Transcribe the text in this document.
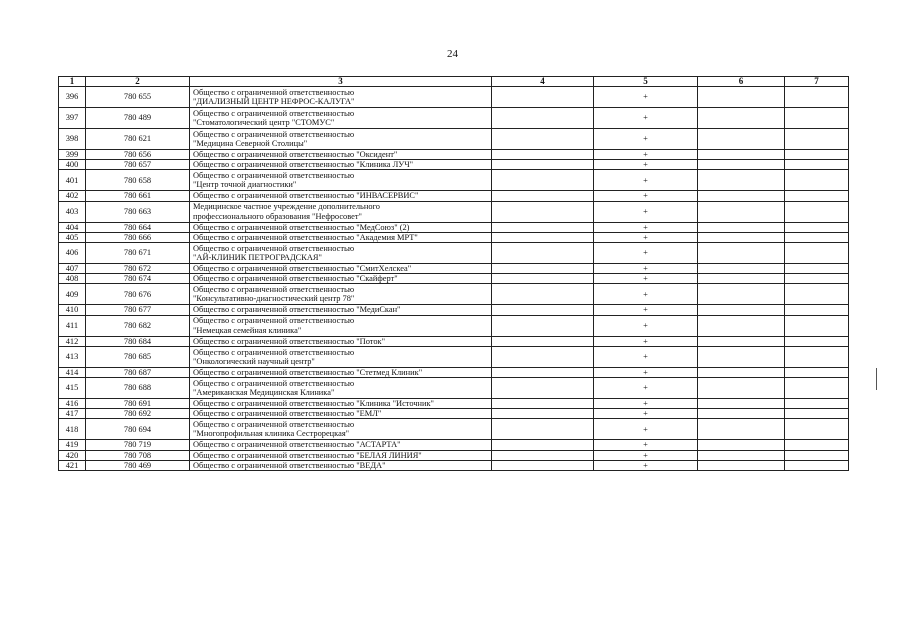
24
1	2	3	4	5	6	7
396	780 655	Общество с ограниченной ответственностью
"ДИАЛИЗНЫЙ ЦЕНТР НЕФРОС-КАЛУГА"		+		
397	780 489	Общество с ограниченной ответственностью
"Стоматологический центр "СТОМУС"		+		
398	780 621	Общество с ограниченной ответственностью
"Медицина Северной Столицы"		+		
399	780 656	Общество с ограниченной ответственностью "Оксидент"		+		
400	780 657	Общество с ограниченной ответственностью "Клиника ЛУЧ"		+		
401	780 658	Общество с ограниченной ответственностью
"Центр точной диагностики"		+		
402	780 661	Общество с ограниченной ответственностью "ИНВАСЕРВИС"		+		
403	780 663	Медицинское частное учреждение дополнительного
профессионального образования "Нефросовет"		+		
404	780 664	Общество с ограниченной ответственностью "МедСоюз" (2)		+		
405	780 666	Общество с ограниченной ответственностью "Академия МРТ"		+		
406	780 671	Общество с ограниченной ответственностью
"АЙ-КЛИНИК ПЕТРОГРАДСКАЯ"		+		
407	780 672	Общество с ограниченной ответственностью "СмитХелскеа"		+		
408	780 674	Общество с ограниченной ответственностью "Скайферт"		+		
409	780 676	Общество с ограниченной ответственностью
"Консультативно-диагностический центр 78"		+		
410	780 677	Общество с ограниченной ответственностью "МедиСкан"		+		
411	780 682	Общество с ограниченной ответственностью
"Немецкая семейная клиника"		+		
412	780 684	Общество с ограниченной ответственностью "Поток"		+		
413	780 685	Общество с ограниченной ответственностью
"Онкологический научный центр"		+		
414	780 687	Общество с ограниченной ответственностью "Стетмед Клиник"		+		
415	780 688	Общество с ограниченной ответственностью
"Американская Медицинская Клиника"		+		
416	780 691	Общество с ограниченной ответственностью "Клиника "Источник"		+		
417	780 692	Общество с ограниченной ответственностью "ЕМЛ"		+		
418	780 694	Общество с ограниченной ответственностью
"Многопрофильная клиника Сестрорецкая"		+		
419	780 719	Общество с ограниченной ответственностью "АСТАРТА"		+		
420	780 708	Общество с ограниченной ответственностью "БЕЛАЯ ЛИНИЯ"		+		
421	780 469	Общество с ограниченной ответственностью "ВЕДА"		+		
